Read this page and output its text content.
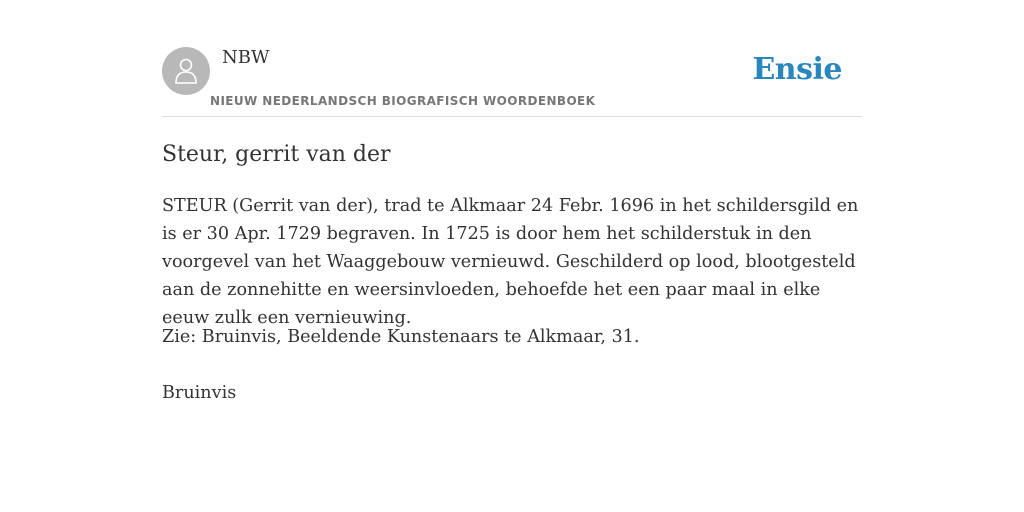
NBW
NIEUW NEDERLANDSCH BIOGRAFISCH WOORDENBOEK
Ensie
Steur, gerrit van der

STEUR (Gerrit van der), trad te Alkmaar 24 Febr. 1696 in het schildersgild en is er 30 Apr. 1729 begraven. In 1725 is door hem het schilderstuk in den voorgevel van het Waaggebouw vernieuwd. Geschilderd op lood, blootgesteld aan de zonnehitte en weersinvloeden, behoefde het een paar maal in elke eeuw zulk een vernieuwing.

Zie: Bruinvis, Beeldende Kunstenaars te Alkmaar, 31.

Bruinvis
